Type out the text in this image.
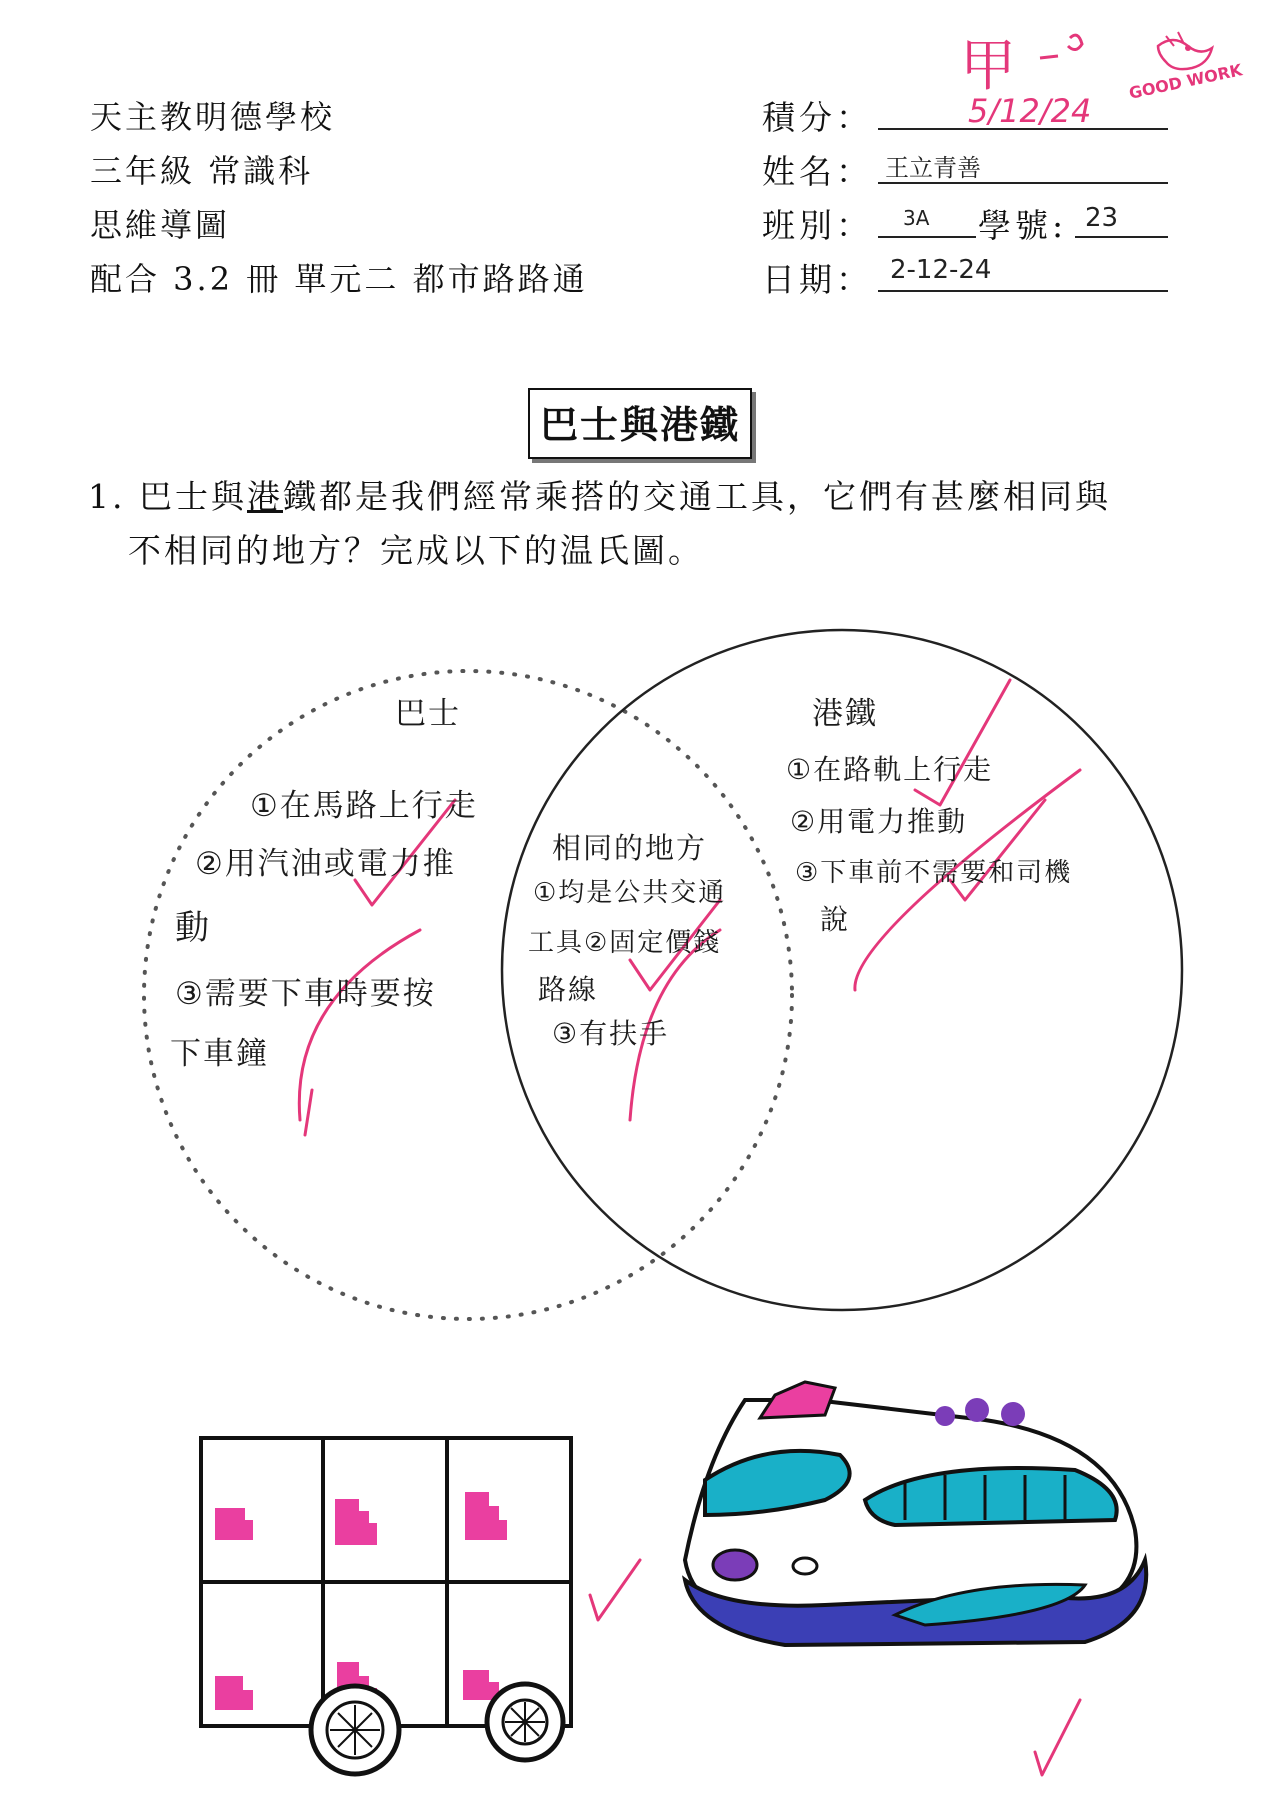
天主教明德學校
三年級 常識科
思維導圖
配合 3.2 冊 單元二 都市路路通
積分：
姓名： 王立青善
班別： 3A 學號: 23
日期： 2-12-24
甲
5/12/24
GOOD WORK
巴士與港鐵
1. 巴士與港鐵都是我們經常乘搭的交通工具，它們有甚麼相同與
不相同的地方？完成以下的温氏圖。
巴士	港鐵
相同的地方
①在馬路上行走
②用汽油或電力推
動
③需要下車時要按
下車鐘
①在路軌上行走
②用電力推動
③下車前不需要和司機
說
①均是公共交通
工具②固定價錢
路線
③有扶手
